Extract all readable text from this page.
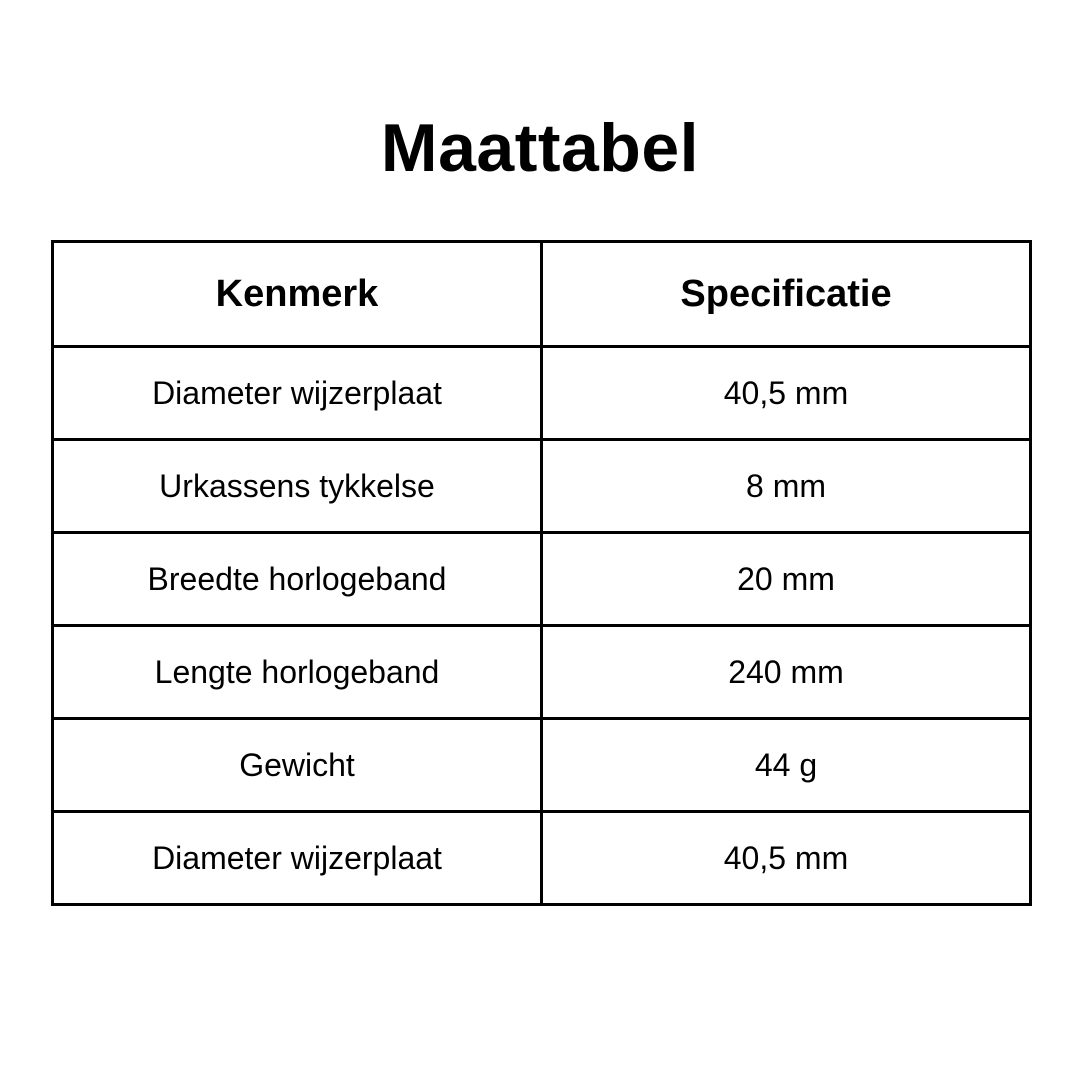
Maattabel
Kenmerk	Specificatie
Diameter wijzerplaat	40,5 mm
Urkassens tykkelse	8 mm
Breedte horlogeband	20 mm
Lengte horlogeband	240 mm
Gewicht	44 g
Diameter wijzerplaat	40,5 mm
